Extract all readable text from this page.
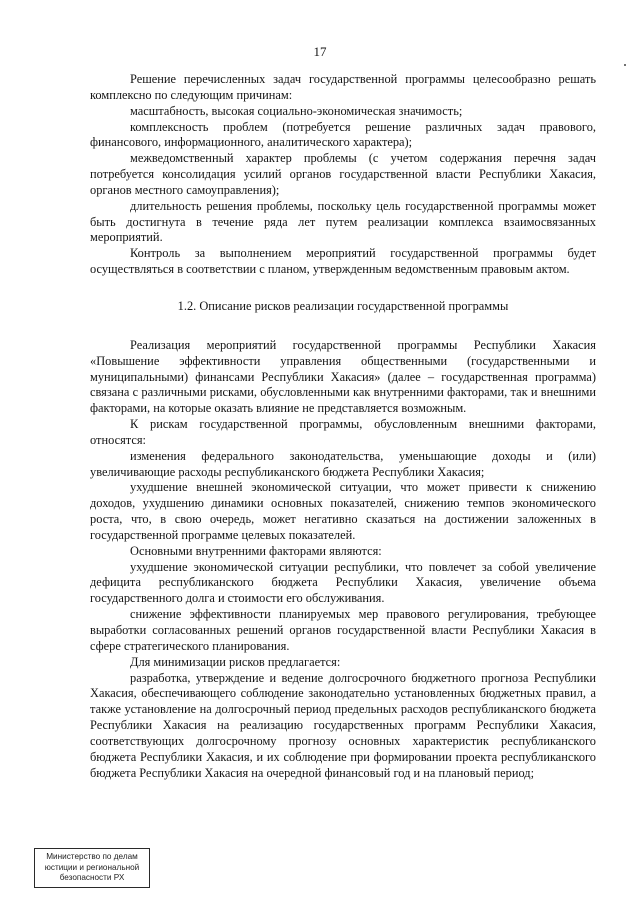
17

Решение перечисленных задач государственной программы целесообразно решать комплексно по следующим причинам:

масштабность, высокая социально-экономическая значимость;

комплексность проблем (потребуется решение различных задач правового, финансового, информационного, аналитического характера);

межведомственный характер проблемы (с учетом содержания перечня задач потребуется консолидация усилий органов государственной власти Республики Хакасия, органов местного самоуправления);

длительность решения проблемы, поскольку цель государственной программы может быть достигнута в течение ряда лет путем реализации комплекса взаимосвязанных мероприятий.

Контроль за выполнением мероприятий государственной программы будет осуществляться в соответствии с планом, утвержденным ведомственным правовым актом.

1.2. Описание рисков реализации государственной программы

Реализация мероприятий государственной программы Республики Хакасия «Повышение эффективности управления общественными (государственными и муниципальными) финансами Республики Хакасия» (далее – государственная программа) связана с различными рисками, обусловленными как внутренними факторами, так и внешними факторами, на которые оказать влияние не представляется возможным.

К рискам государственной программы, обусловленным внешними факторами, относятся:

изменения федерального законодательства, уменьшающие доходы и (или) увеличивающие расходы республиканского бюджета Республики Хакасия;

ухудшение внешней экономической ситуации, что может привести к снижению доходов, ухудшению динамики основных показателей, снижению темпов экономического роста, что, в свою очередь, может негативно сказаться на достижении заложенных в государственной программе целевых показателей.

Основными внутренними факторами являются:

ухудшение экономической ситуации республики, что повлечет за собой увеличение дефицита республиканского бюджета Республики Хакасия, увеличение объема государственного долга и стоимости его обслуживания.

снижение эффективности планируемых мер правового регулирования, требующее выработки согласованных решений органов государственной власти Республики Хакасия в сфере стратегического планирования.

Для минимизации рисков предлагается:

разработка, утверждение и ведение долгосрочного бюджетного прогноза Республики Хакасия, обеспечивающего соблюдение законодательно установленных бюджетных правил, а также установление на долгосрочный период предельных расходов республиканского бюджета Республики Хакасия на реализацию государственных программ Республики Хакасия, соответствующих долгосрочному прогнозу основных характеристик республиканского бюджета Республики Хакасия, и их соблюдение при формировании проекта республиканского бюджета Республики Хакасия на очередной финансовый год и на плановый период;

Министерство по делам
юстиции и региональной
безопасности РХ
